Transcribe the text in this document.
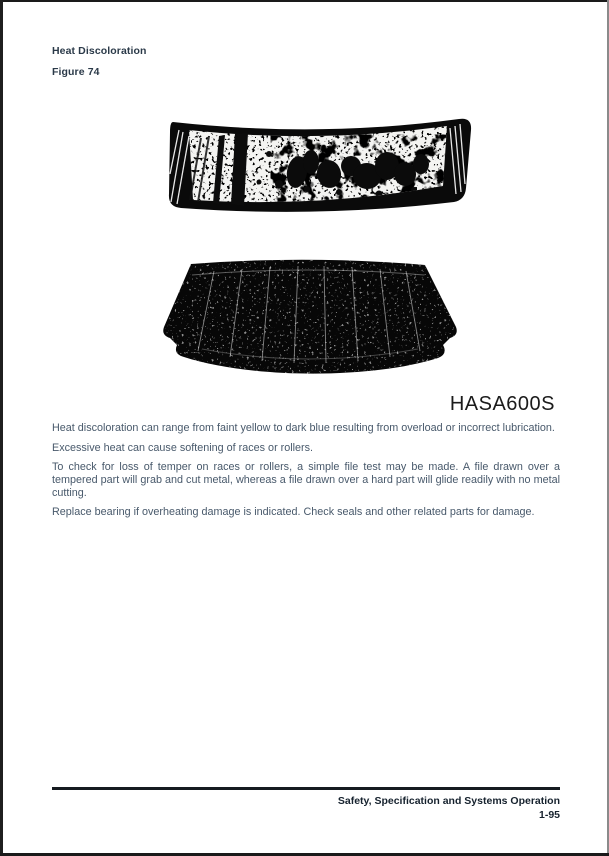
Heat Discoloration
Figure 74
HASA600S

Heat discoloration can range from faint yellow to dark blue resulting from overload or incorrect lubrication.

Excessive heat can cause softening of races or rollers.

To check for loss of temper on races or rollers, a simple file test may be made. A file drawn over a tempered part will grab and cut metal, whereas a file drawn over a hard part will glide readily with no metal cutting.

Replace bearing if overheating damage is indicated. Check seals and other related parts for damage.

Safety, Specification and Systems Operation
1-95
